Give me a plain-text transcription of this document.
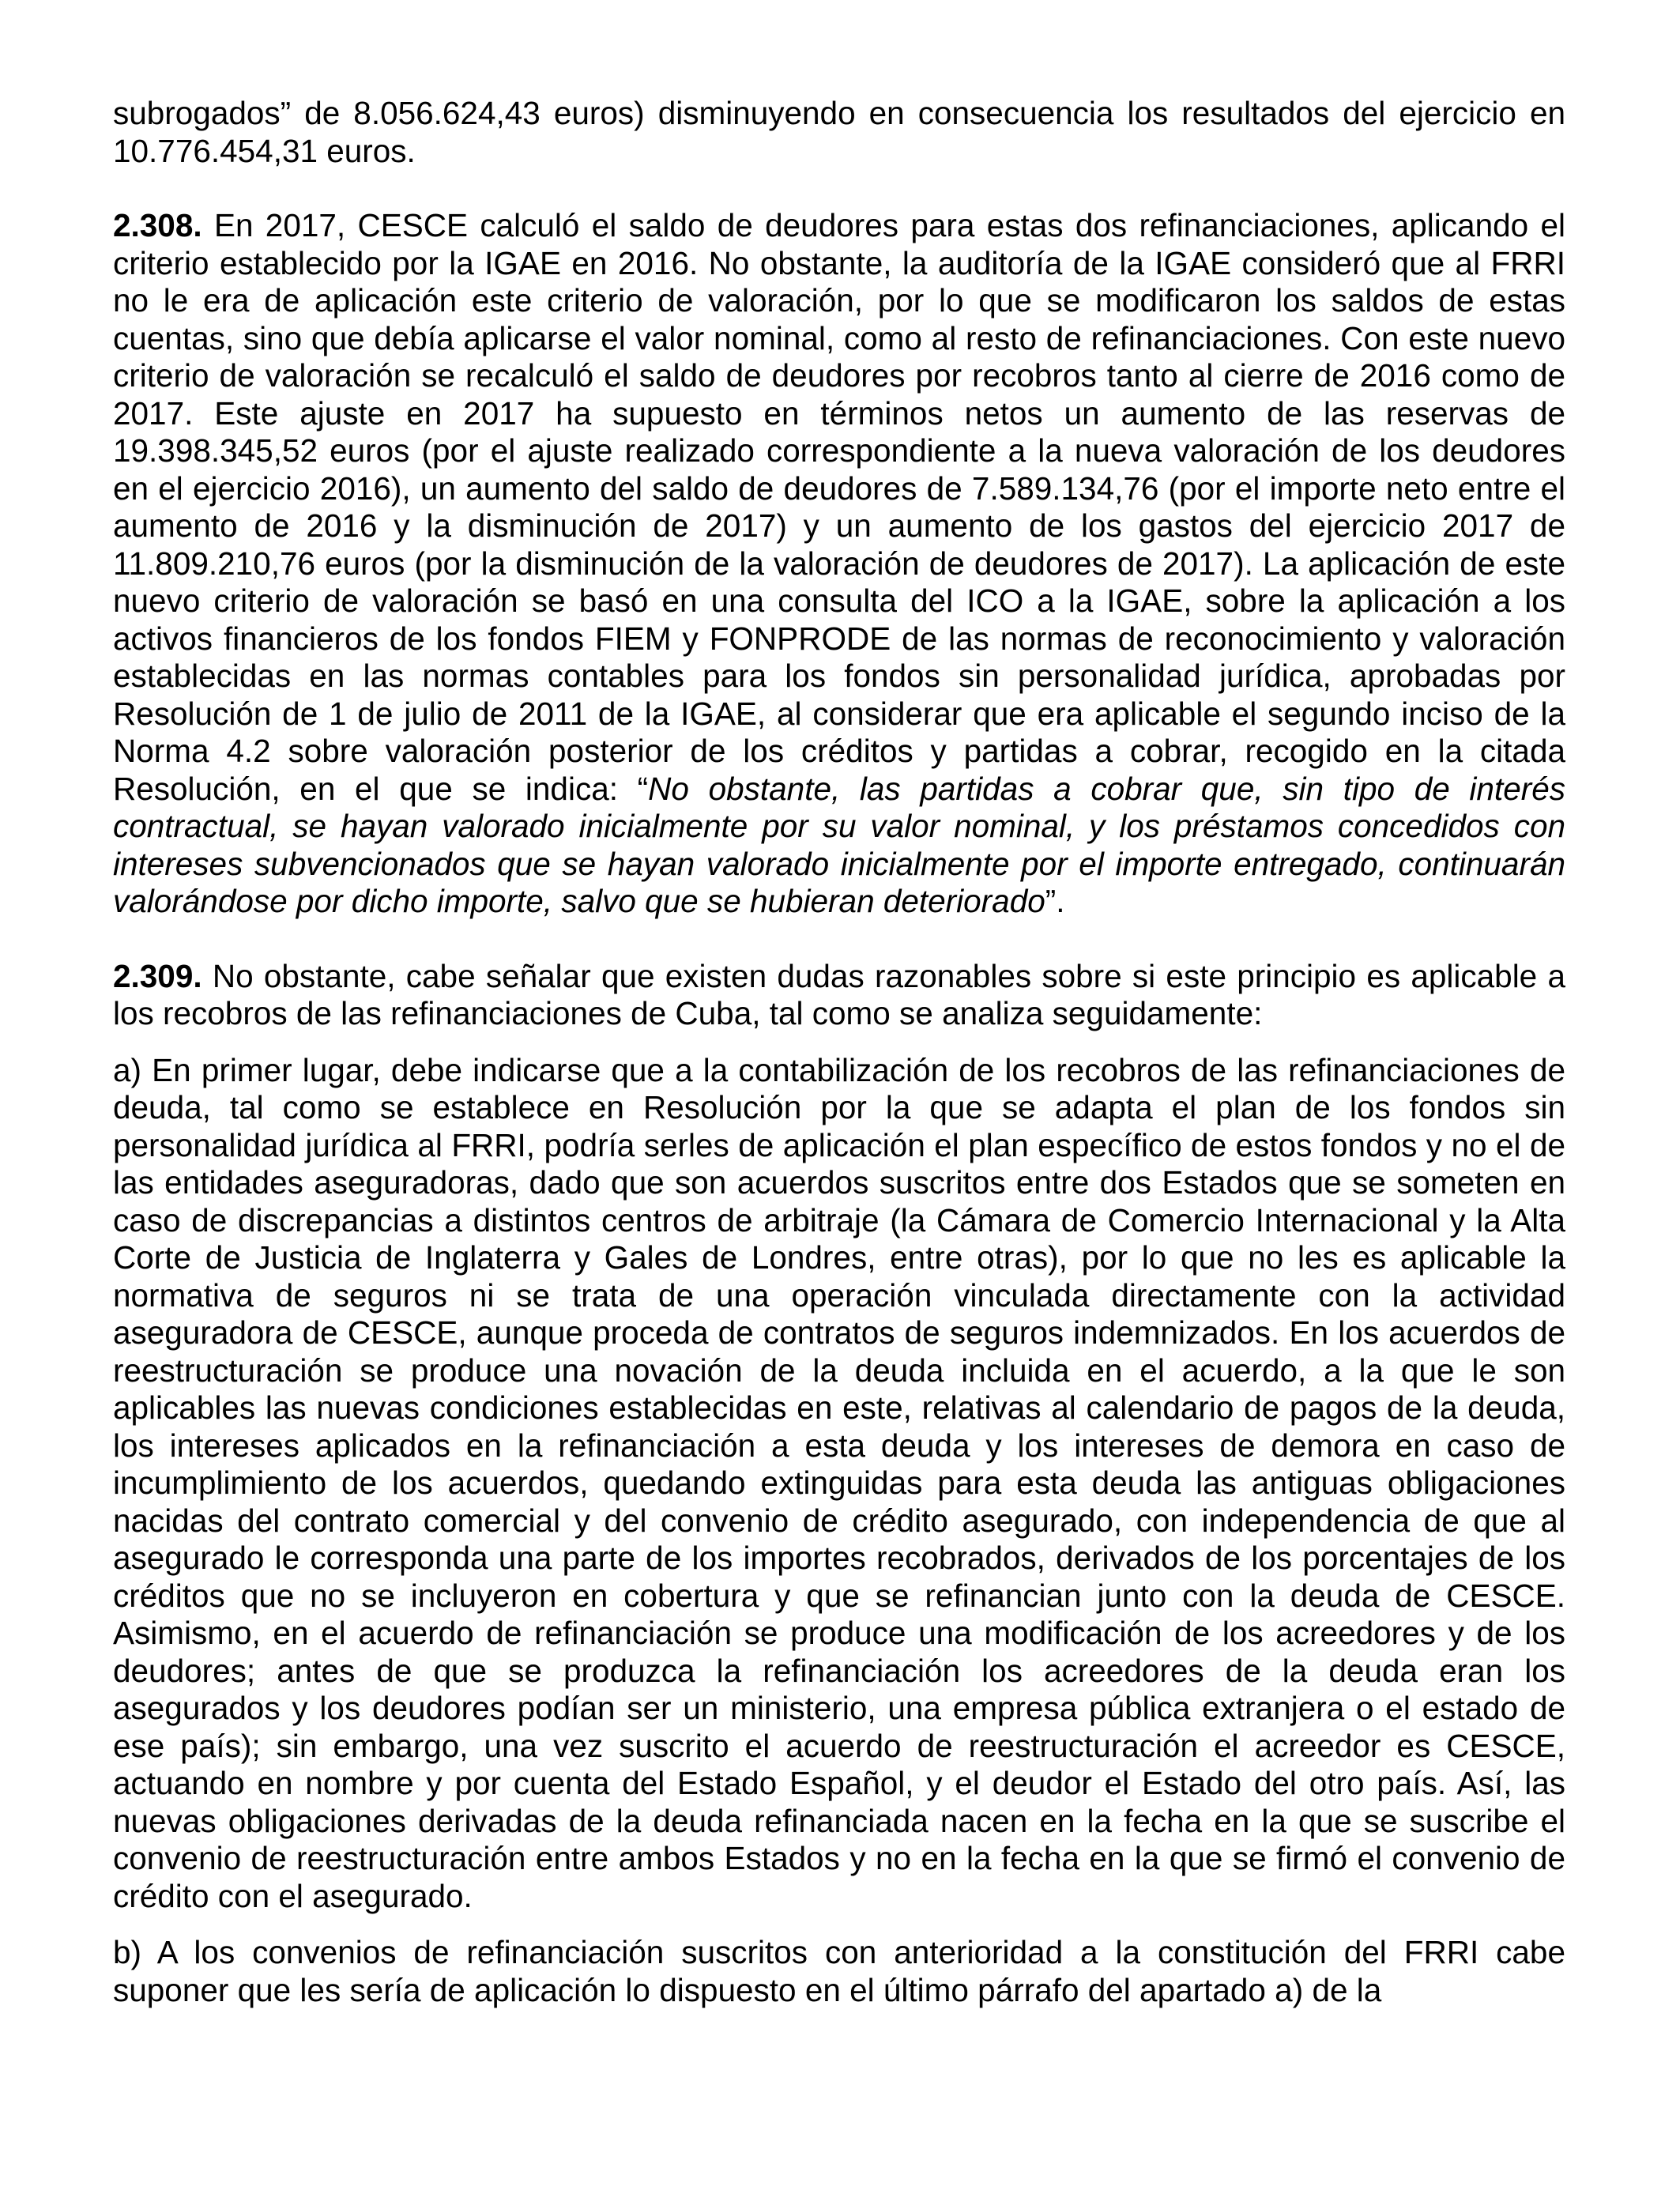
subrogados” de 8.056.624,43 euros) disminuyendo en consecuencia los resultados del ejercicio en 10.776.454,31 euros.

2.308. En 2017, CESCE calculó el saldo de deudores para estas dos refinanciaciones, aplicando el criterio establecido por la IGAE en 2016. No obstante, la auditoría de la IGAE consideró que al FRRI no le era de aplicación este criterio de valoración, por lo que se modificaron los saldos de estas cuentas, sino que debía aplicarse el valor nominal, como al resto de refinanciaciones. Con este nuevo criterio de valoración se recalculó el saldo de deudores por recobros tanto al cierre de 2016 como de 2017. Este ajuste en 2017 ha supuesto en términos netos un aumento de las reservas de 19.398.345,52 euros (por el ajuste realizado correspondiente a la nueva valoración de los deudores en el ejercicio 2016), un aumento del saldo de deudores de 7.589.134,76 (por el importe neto entre el aumento de 2016 y la disminución de 2017) y un aumento de los gastos del ejercicio 2017 de 11.809.210,76 euros (por la disminución de la valoración de deudores de 2017). La aplicación de este nuevo criterio de valoración se basó en una consulta del ICO a la IGAE, sobre la aplicación a los activos financieros de los fondos FIEM y FONPRODE de las normas de reconocimiento y valoración establecidas en las normas contables para los fondos sin personalidad jurídica, aprobadas por Resolución de 1 de julio de 2011 de la IGAE, al considerar que era aplicable el segundo inciso de la Norma 4.2 sobre valoración posterior de los créditos y partidas a cobrar, recogido en la citada Resolución, en el que se indica: “No obstante, las partidas a cobrar que, sin tipo de interés contractual, se hayan valorado inicialmente por su valor nominal, y los préstamos concedidos con intereses subvencionados que se hayan valorado inicialmente por el importe entregado, continuarán valorándose por dicho importe, salvo que se hubieran deteriorado”.

2.309. No obstante, cabe señalar que existen dudas razonables sobre si este principio es aplicable a los recobros de las refinanciaciones de Cuba, tal como se analiza seguidamente:

a) En primer lugar, debe indicarse que a la contabilización de los recobros de las refinanciaciones de deuda, tal como se establece en Resolución por la que se adapta el plan de los fondos sin personalidad jurídica al FRRI, podría serles de aplicación el plan específico de estos fondos y no el de las entidades aseguradoras, dado que son acuerdos suscritos entre dos Estados que se someten en caso de discrepancias a distintos centros de arbitraje (la Cámara de Comercio Internacional y la Alta Corte de Justicia de Inglaterra y Gales de Londres, entre otras), por lo que no les es aplicable la normativa de seguros ni se trata de una operación vinculada directamente con la actividad aseguradora de CESCE, aunque proceda de contratos de seguros indemnizados. En los acuerdos de reestructuración se produce una novación de la deuda incluida en el acuerdo, a la que le son aplicables las nuevas condiciones establecidas en este, relativas al calendario de pagos de la deuda, los intereses aplicados en la refinanciación a esta deuda y los intereses de demora en caso de incumplimiento de los acuerdos, quedando extinguidas para esta deuda las antiguas obligaciones nacidas del contrato comercial y del convenio de crédito asegurado, con independencia de que al asegurado le corresponda una parte de los importes recobrados, derivados de los porcentajes de los créditos que no se incluyeron en cobertura y que se refinancian junto con la deuda de CESCE. Asimismo, en el acuerdo de refinanciación se produce una modificación de los acreedores y de los deudores; antes de que se produzca la refinanciación los acreedores de la deuda eran los asegurados y los deudores podían ser un ministerio, una empresa pública extranjera o el estado de ese país); sin embargo, una vez suscrito el acuerdo de reestructuración el acreedor es CESCE, actuando en nombre y por cuenta del Estado Español, y el deudor el Estado del otro país. Así, las nuevas obligaciones derivadas de la deuda refinanciada nacen en la fecha en la que se suscribe el convenio de reestructuración entre ambos Estados y no en la fecha en la que se firmó el convenio de crédito con el asegurado.

b) A los convenios de refinanciación suscritos con anterioridad a la constitución del FRRI cabe suponer que les sería de aplicación lo dispuesto en el último párrafo del apartado a) de la
